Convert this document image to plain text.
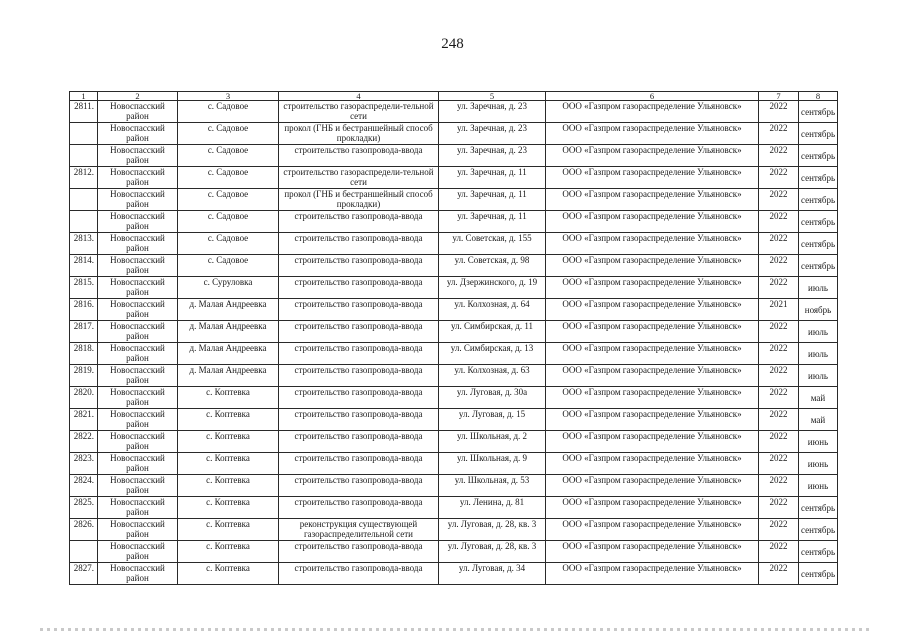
248
1	2	3	4	5	6	7	8
2811.	Новоспасский район	с. Садовое	строительство газораспредели-тельной сети	ул. Заречная, д. 23	ООО «Газпром газораспределение Ульяновск»	2022	сентябрь
	Новоспасский район	с. Садовое	прокол (ГНБ и бестраншейный способ прокладки)	ул. Заречная, д. 23	ООО «Газпром газораспределение Ульяновск»	2022	сентябрь
	Новоспасский район	с. Садовое	строительство газопровода-ввода	ул. Заречная, д. 23	ООО «Газпром газораспределение Ульяновск»	2022	сентябрь
2812.	Новоспасский район	с. Садовое	строительство газораспредели-тельной сети	ул. Заречная, д. 11	ООО «Газпром газораспределение Ульяновск»	2022	сентябрь
	Новоспасский район	с. Садовое	прокол (ГНБ и бестраншейный способ прокладки)	ул. Заречная, д. 11	ООО «Газпром газораспределение Ульяновск»	2022	сентябрь
	Новоспасский район	с. Садовое	строительство газопровода-ввода	ул. Заречная, д. 11	ООО «Газпром газораспределение Ульяновск»	2022	сентябрь
2813.	Новоспасский район	с. Садовое	строительство газопровода-ввода	ул. Советская, д. 155	ООО «Газпром газораспределение Ульяновск»	2022	сентябрь
2814.	Новоспасский район	с. Садовое	строительство газопровода-ввода	ул. Советская, д. 98	ООО «Газпром газораспределение Ульяновск»	2022	сентябрь
2815.	Новоспасский район	с. Суруловка	строительство газопровода-ввода	ул. Дзержинского, д. 19	ООО «Газпром газораспределение Ульяновск»	2022	июль
2816.	Новоспасский район	д. Малая Андреевка	строительство газопровода-ввода	ул. Колхозная, д. 64	ООО «Газпром газораспределение Ульяновск»	2021	ноябрь
2817.	Новоспасский район	д. Малая Андреевка	строительство газопровода-ввода	ул. Симбирская, д. 11	ООО «Газпром газораспределение Ульяновск»	2022	июль
2818.	Новоспасский район	д. Малая Андреевка	строительство газопровода-ввода	ул. Симбирская, д. 13	ООО «Газпром газораспределение Ульяновск»	2022	июль
2819.	Новоспасский район	д. Малая Андреевка	строительство газопровода-ввода	ул. Колхозная, д. 63	ООО «Газпром газораспределение Ульяновск»	2022	июль
2820.	Новоспасский район	с. Коптевка	строительство газопровода-ввода	ул. Луговая, д. 30а	ООО «Газпром газораспределение Ульяновск»	2022	май
2821.	Новоспасский район	с. Коптевка	строительство газопровода-ввода	ул. Луговая, д. 15	ООО «Газпром газораспределение Ульяновск»	2022	май
2822.	Новоспасский район	с. Коптевка	строительство газопровода-ввода	ул. Школьная, д. 2	ООО «Газпром газораспределение Ульяновск»	2022	июнь
2823.	Новоспасский район	с. Коптевка	строительство газопровода-ввода	ул. Школьная, д. 9	ООО «Газпром газораспределение Ульяновск»	2022	июнь
2824.	Новоспасский район	с. Коптевка	строительство газопровода-ввода	ул. Школьная, д. 53	ООО «Газпром газораспределение Ульяновск»	2022	июнь
2825.	Новоспасский район	с. Коптевка	строительство газопровода-ввода	ул. Ленина, д. 81	ООО «Газпром газораспределение Ульяновск»	2022	сентябрь
2826.	Новоспасский район	с. Коптевка	реконструкция существующей газораспределительной сети	ул. Луговая, д. 28, кв. 3	ООО «Газпром газораспределение Ульяновск»	2022	сентябрь
	Новоспасский район	с. Коптевка	строительство газопровода-ввода	ул. Луговая, д. 28, кв. 3	ООО «Газпром газораспределение Ульяновск»	2022	сентябрь
2827.	Новоспасский район	с. Коптевка	строительство газопровода-ввода	ул. Луговая, д. 34	ООО «Газпром газораспределение Ульяновск»	2022	сентябрь
